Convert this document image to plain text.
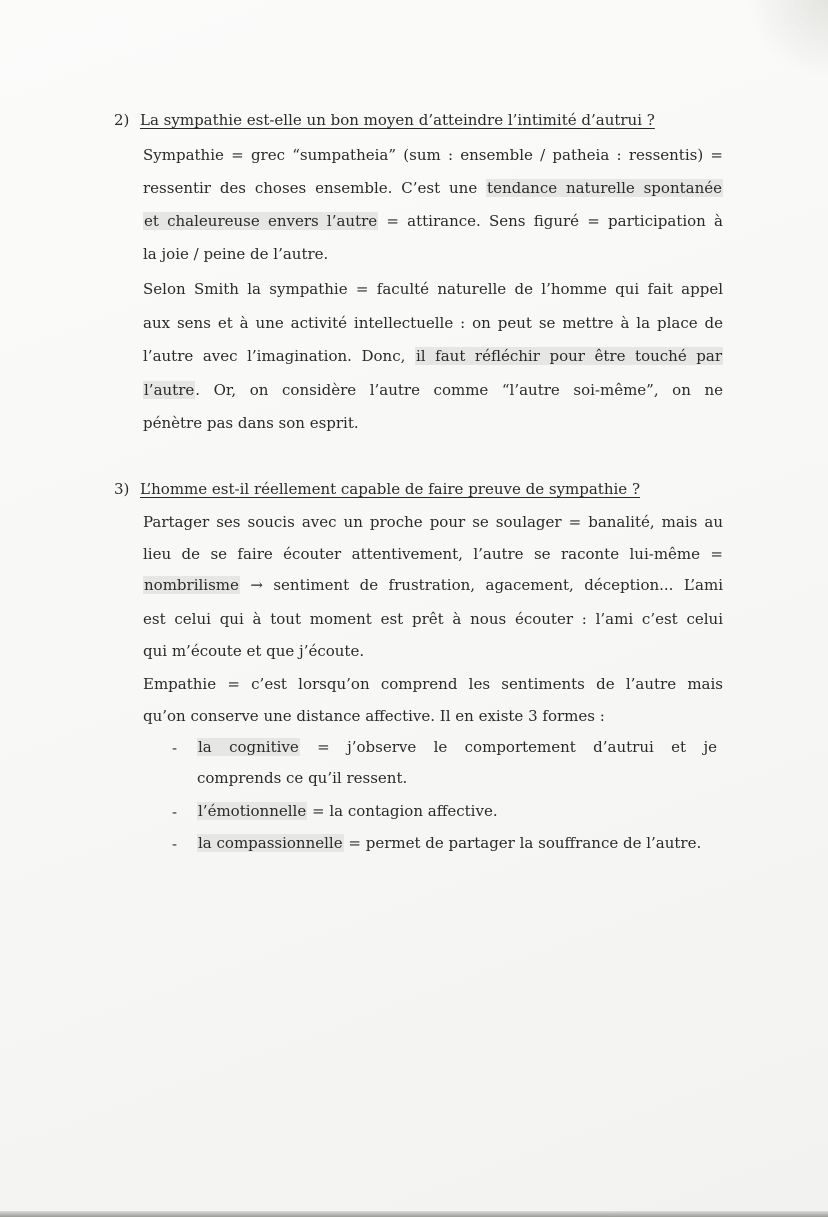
2) La sympathie est-elle un bon moyen d’atteindre l’intimité d’autrui ?
Sympathie = grec “sumpatheia” (sum : ensemble / patheia : ressentis) =
ressentir des choses ensemble. C’est une tendance naturelle spontanée
et chaleureuse envers l’autre = attirance. Sens figuré = participation à
la joie / peine de l’autre.
Selon Smith la sympathie = faculté naturelle de l’homme qui fait appel
aux sens et à une activité intellectuelle : on peut se mettre à la place de
l’autre avec l’imagination. Donc, il faut réfléchir pour être touché par
l’autre. Or, on considère l’autre comme “l’autre soi-même”, on ne
pénètre pas dans son esprit.
3) L’homme est-il réellement capable de faire preuve de sympathie ?
Partager ses soucis avec un proche pour se soulager = banalité, mais au
lieu de se faire écouter attentivement, l’autre se raconte lui-même =
nombrilisme → sentiment de frustration, agacement, déception... L’ami
est celui qui à tout moment est prêt à nous écouter : l’ami c’est celui
qui m’écoute et que j’écoute.
Empathie = c’est lorsqu’on comprend les sentiments de l’autre mais
qu’on conserve une distance affective. Il en existe 3 formes :
- la cognitive = j’observe le comportement d’autrui et je
comprends ce qu’il ressent.
- l’émotionnelle = la contagion affective.
- la compassionnelle = permet de partager la souffrance de l’autre.
